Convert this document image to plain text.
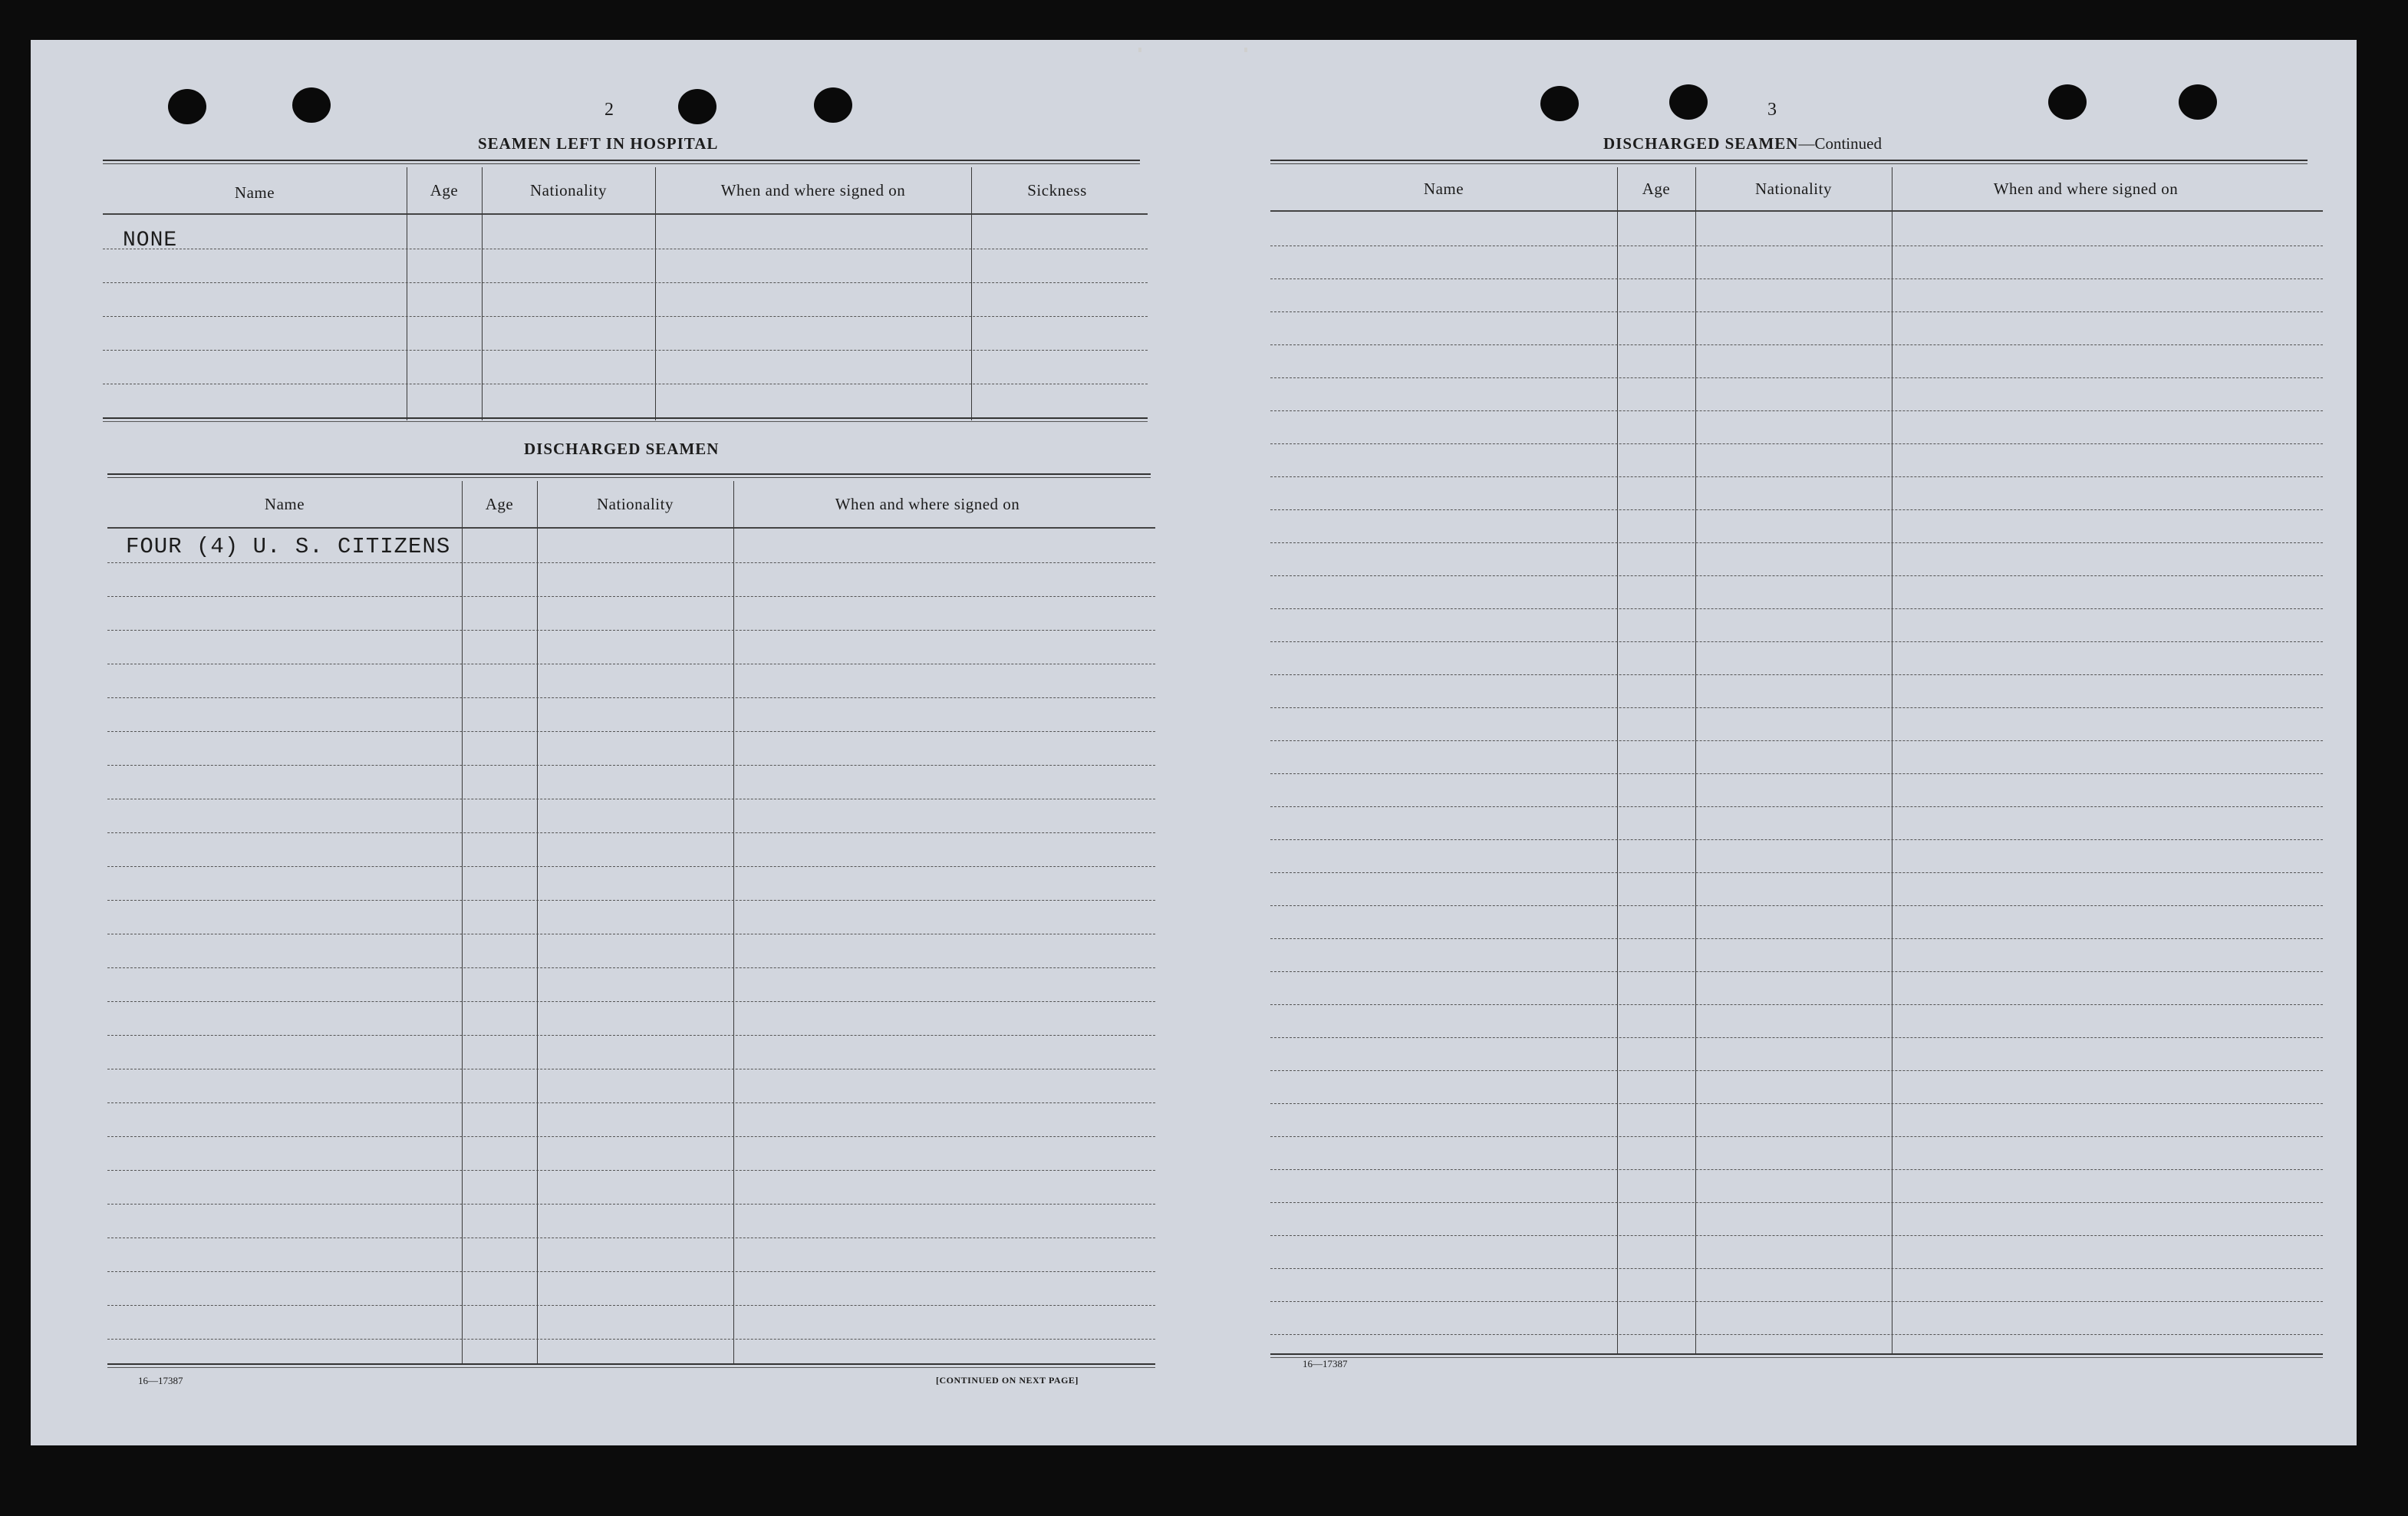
2
SEAMEN LEFT IN HOSPITAL
Name	Age	Nationality	When and where signed on	Sickness
NONE
DISCHARGED SEAMEN
Name	Age	Nationality	When and where signed on
FOUR (4) U. S. CITIZENS
16—17387	[CONTINUED ON NEXT PAGE]
3
DISCHARGED SEAMEN—Continued
Name	Age	Nationality	When and where signed on
16—17387
